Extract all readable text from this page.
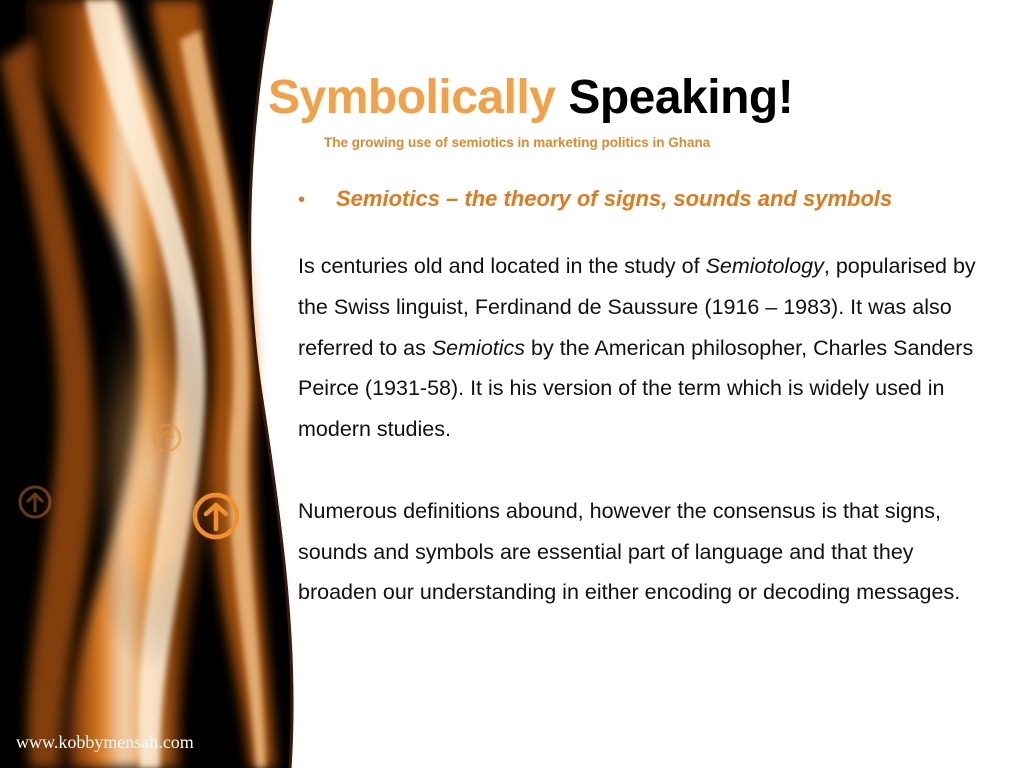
Symbolically Speaking!
The growing use of semiotics in marketing politics in Ghana
•	Semiotics – the theory of signs, sounds and symbols

Is centuries old and located in the study of Semiotology, popularised by the Swiss linguist, Ferdinand de Saussure (1916 – 1983). It was also referred to as Semiotics by the American philosopher, Charles Sanders Peirce (1931-58). It is his version of the term which is widely used in modern studies.

Numerous definitions abound, however the consensus is that signs, sounds and symbols are essential part of language and that they broaden our understanding in either encoding or decoding messages.

www.kobbymensah.com
